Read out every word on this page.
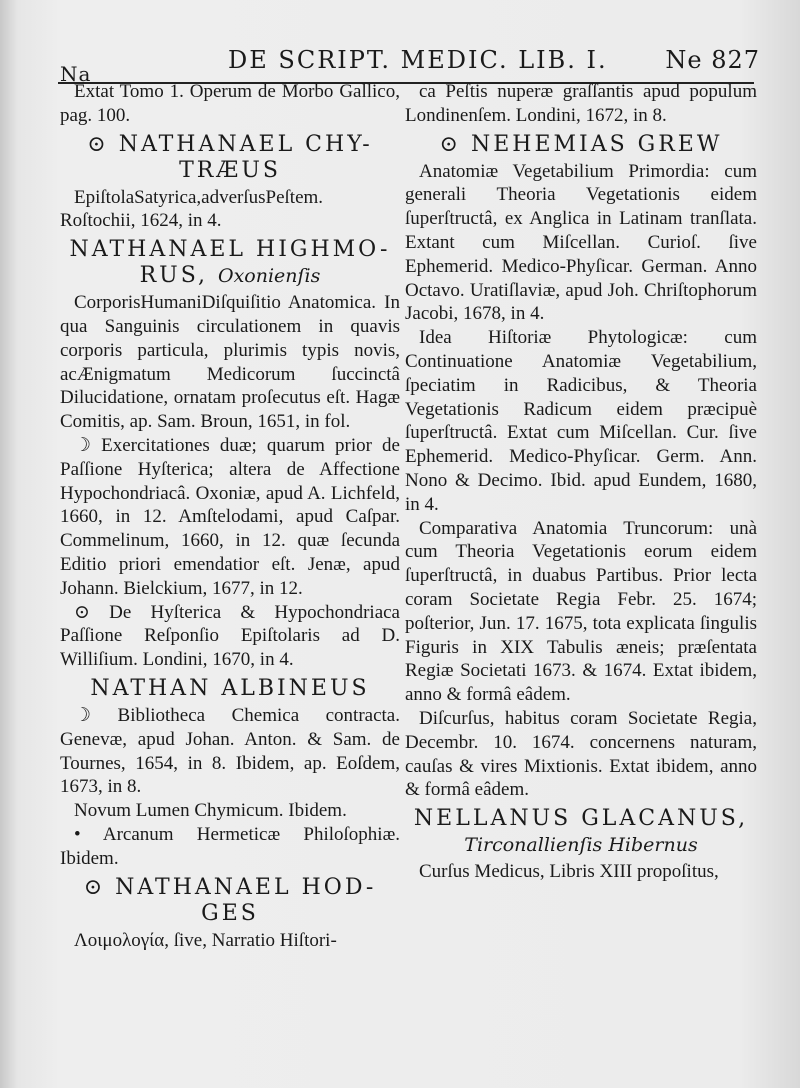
Na	DE SCRIPT. MEDIC. LIB. I. Ne 827
Extat Tomo 1. Operum de Morbo Gallico, pag. 100.
⊙ NATHANAEL CHY-TRÆUS
EpiſtolaSatyrica,adverſusPeſtem. Roſtochii, 1624, in 4.
NATHANAEL HIGHMO-RUS, Oxonienſis
CorporisHumaniDiſquiſitio Anatomica. In qua Sanguinis circulationem in quavis corporis particula, plurimis typis novis, acÆnigmatum Medicorum ſuccinctâ Dilucidatione, ornatam proſecutus eſt. Hagæ Comitis, ap. Sam. Broun, 1651, in fol.
☽ Exercitationes duæ; quarum prior de Paſſione Hyſterica; altera de Affectione Hypochondriacâ. Oxoniæ, apud A. Lichfeld, 1660, in 12. Amſtelodami, apud Caſpar. Commelinum, 1660, in 12. quæ ſecunda Editio priori emendatior eſt. Jenæ, apud Johann. Bielckium, 1677, in 12.
⊙ De Hyſterica & Hypochondriaca Paſſione Reſponſio Epiſtolaris ad D. Williſium. Londini, 1670, in 4.
NATHAN ALBINEUS
☽ Bibliotheca Chemica contracta. Genevæ, apud Johan. Anton. & Sam. de Tournes, 1654, in 8. Ibidem, ap. Eoſdem, 1673, in 8.
Novum Lumen Chymicum. Ibidem.
• Arcanum Hermeticæ Philoſophiæ. Ibidem.
⊙ NATHANAEL HOD-GES
Λοιμολογία, ſive, Narratio Hiſtori-
ca Peſtis nuperæ graſſantis apud populum Londinenſem. Londini, 1672, in 8.
⊙ NEHEMIAS GREW
Anatomiæ Vegetabilium Primordia: cum generali Theoria Vegetationis eidem ſuperſtructâ, ex Anglica in Latinam tranſlata. Extant cum Miſcellan. Curioſ. ſive Ephemerid. Medico-Phyſicar. German. Anno Octavo. Uratiſlaviæ, apud Joh. Chriſtophorum Jacobi, 1678, in 4.
Idea Hiſtoriæ Phytologicæ: cum Continuatione Anatomiæ Vegetabilium, ſpeciatim in Radicibus, & Theoria Vegetationis Radicum eidem præcipuè ſuperſtructâ. Extat cum Miſcellan. Cur. ſive Ephemerid. Medico-Phyſicar. Germ. Ann. Nono & Decimo. Ibid. apud Eundem, 1680, in 4.
Comparativa Anatomia Truncorum: unà cum Theoria Vegetationis eorum eidem ſuperſtructâ, in duabus Partibus. Prior lecta coram Societate Regia Febr. 25. 1674; poſterior, Jun. 17. 1675, tota explicata ſingulis Figuris in XIX Tabulis æneis; præſentata Regiæ Societati 1673. & 1674. Extat ibidem, anno & formâ eâdem.
Diſcurſus, habitus coram Societate Regia, Decembr. 10. 1674. concernens naturam, cauſas & vires Mixtionis. Extat ibidem, anno & formâ eâdem.
NELLANUS GLACANUS, Tirconallienſis Hibernus
Curſus Medicus, Libris XIII propoſitus,
